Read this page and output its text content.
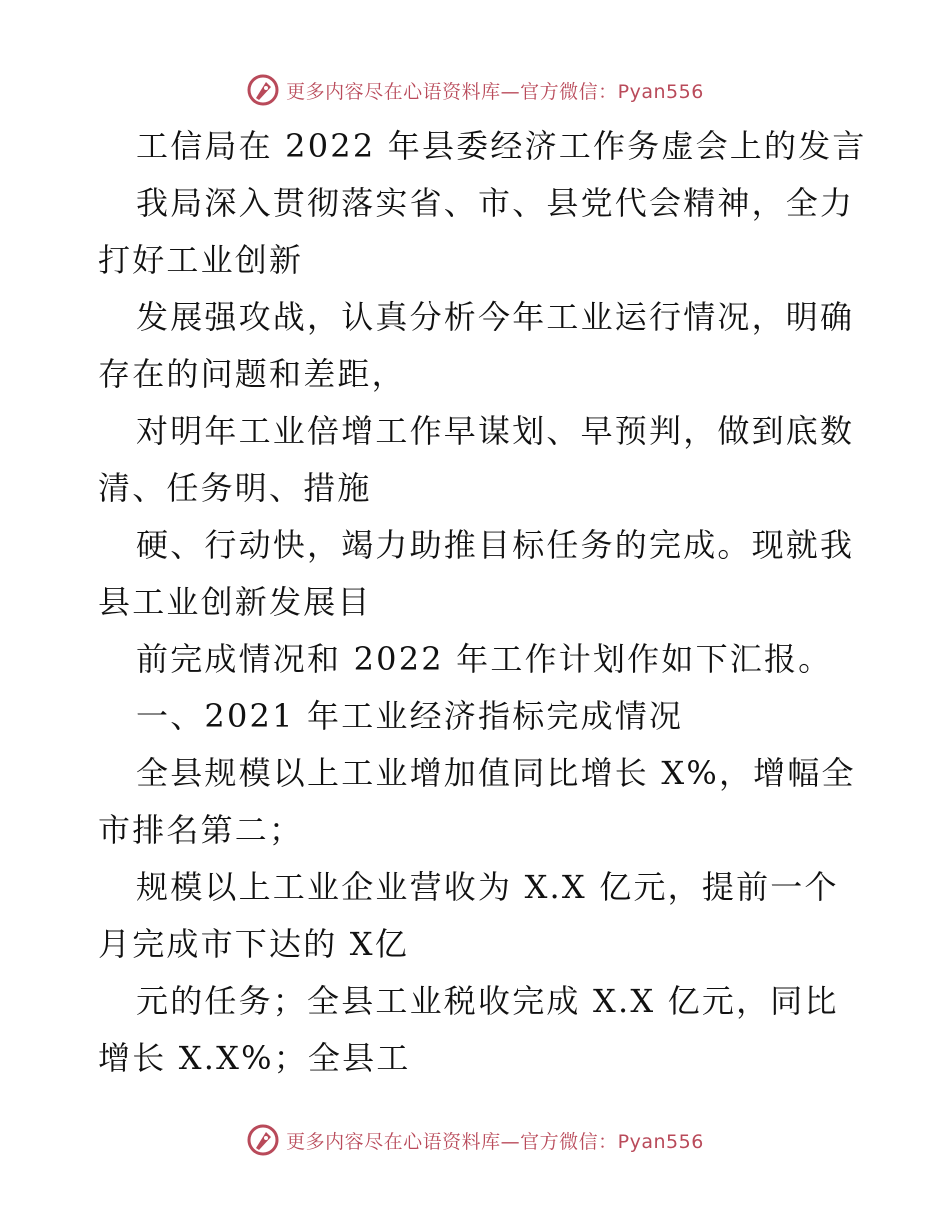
更多内容尽在心语资料库—官方微信：Pyan556

工信局在 2022 年县委经济工作务虚会上的发言

我局深入贯彻落实省、市、县党代会精神，全力打好工业创新

发展强攻战，认真分析今年工业运行情况，明确存在的问题和差距，

对明年工业倍增工作早谋划、早预判，做到底数清、任务明、措施

硬、行动快，竭力助推目标任务的完成。现就我县工业创新发展目

前完成情况和 2022 年工作计划作如下汇报。

一、2021 年工业经济指标完成情况

全县规模以上工业增加值同比增长 X%，增幅全市排名第二；

规模以上工业企业营收为 X.X 亿元，提前一个月完成市下达的 X亿

元的任务；全县工业税收完成 X.X 亿元，同比增长 X.X%；全县工

更多内容尽在心语资料库—官方微信：Pyan556
